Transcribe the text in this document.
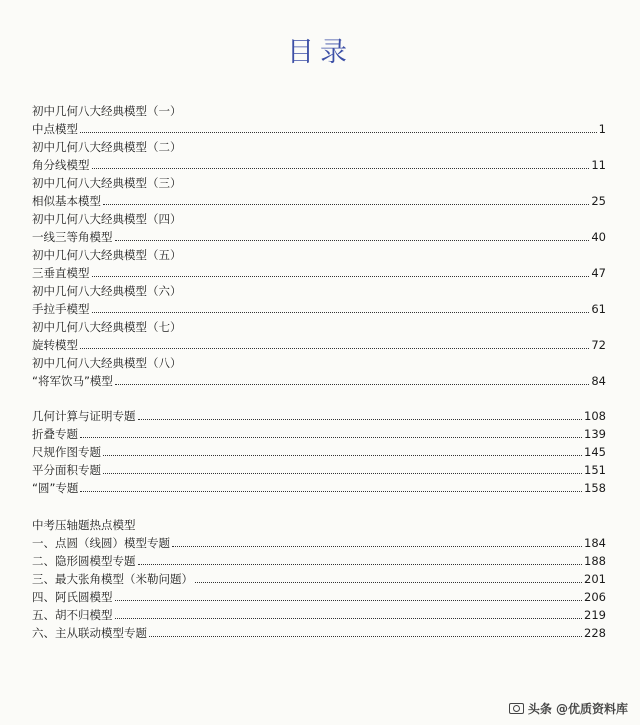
目录
初中几何八大经典模型（一）
中点模型	1
初中几何八大经典模型（二）
角分线模型	11
初中几何八大经典模型（三）
相似基本模型	25
初中几何八大经典模型（四）
一线三等角模型	40
初中几何八大经典模型（五）
三垂直模型	47
初中几何八大经典模型（六）
手拉手模型	61
初中几何八大经典模型（七）
旋转模型	72
初中几何八大经典模型（八）
“将军饮马”模型	84
几何计算与证明专题	108
折叠专题	139
尺规作图专题	145
平分面积专题	151
“圆”专题	158
中考压轴题热点模型
一、点圆（线圆）模型专题	184
二、隐形圆模型专题	188
三、最大张角模型（米勒问题）	201
四、阿氏圆模型	206
五、胡不归模型	219
六、主从联动模型专题	228
头条 @优质资料库
